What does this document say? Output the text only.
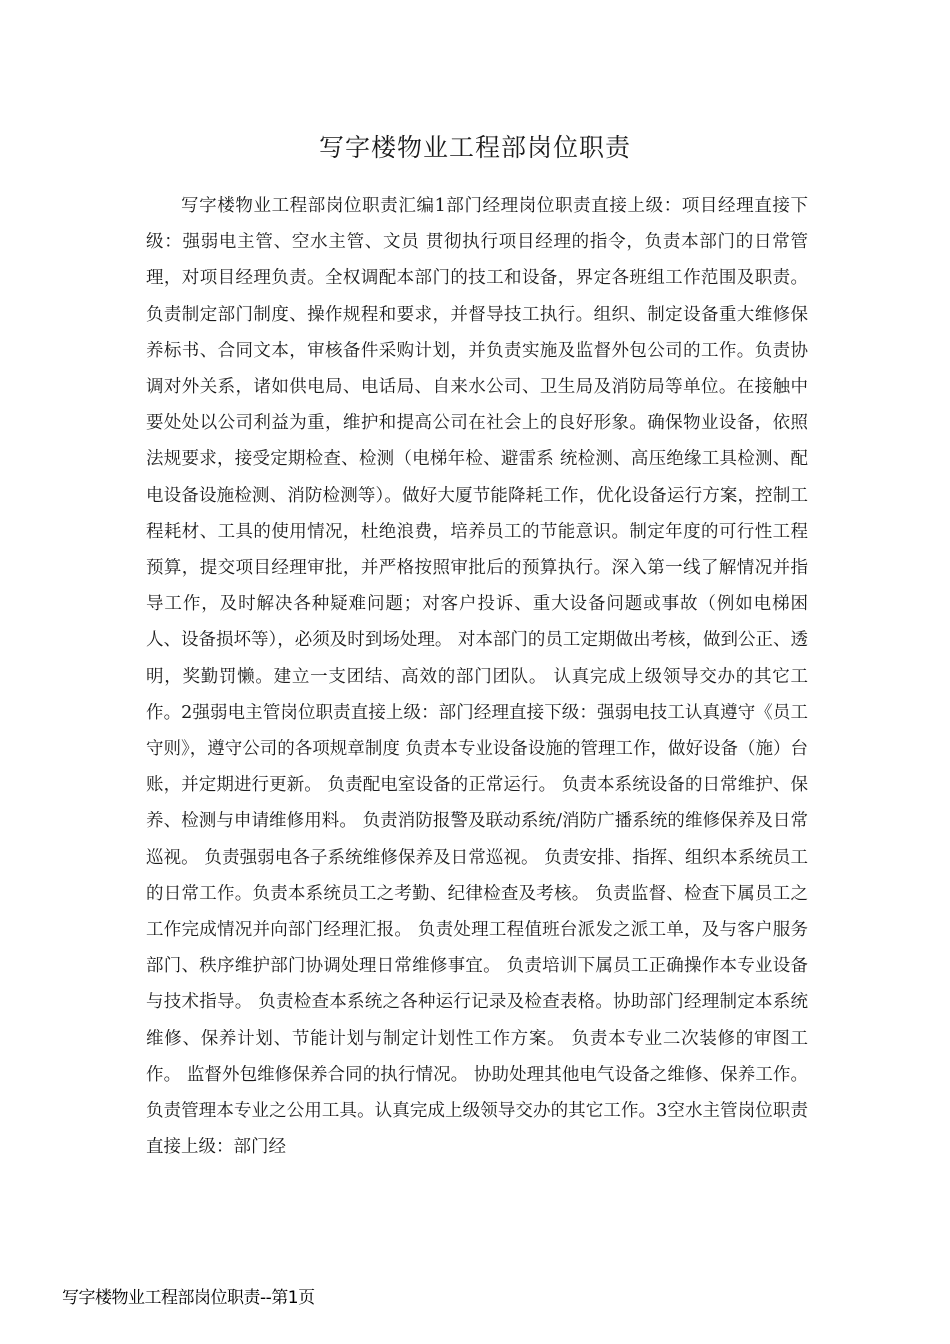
写字楼物业工程部岗位职责

写字楼物业工程部岗位职责汇编1部门经理岗位职责直接上级：项目经理直接下级：强弱电主管、空水主管、文员 贯彻执行项目经理的指令，负责本部门的日常管理，对项目经理负责。全权调配本部门的技工和设备，界定各班组工作范围及职责。负责制定部门制度、操作规程和要求，并督导技工执行。组织、制定设备重大维修保养标书、合同文本，审核备件采购计划，并负责实施及监督外包公司的工作。负责协调对外关系，诸如供电局、电话局、自来水公司、卫生局及消防局等单位。在接触中要处处以公司利益为重，维护和提高公司在社会上的良好形象。确保物业设备，依照法规要求，接受定期检查、检测（电梯年检、避雷系 统检测、高压绝缘工具检测、配电设备设施检测、消防检测等）。做好大厦节能降耗工作，优化设备运行方案，控制工程耗材、工具的使用情况，杜绝浪费，培养员工的节能意识。制定年度的可行性工程预算，提交项目经理审批，并严格按照审批后的预算执行。深入第一线了解情况并指导工作，及时解决各种疑难问题；对客户投诉、重大设备问题或事故（例如电梯困人、设备损坏等），必须及时到场处理。 对本部门的员工定期做出考核，做到公正、透明，奖勤罚懒。建立一支团结、高效的部门团队。 认真完成上级领导交办的其它工作。2强弱电主管岗位职责直接上级：部门经理直接下级：强弱电技工认真遵守《员工守则》，遵守公司的各项规章制度 负责本专业设备设施的管理工作，做好设备（施）台账，并定期进行更新。 负责配电室设备的正常运行。 负责本系统设备的日常维护、保养、检测与申请维修用料。 负责消防报警及联动系统/消防广播系统的维修保养及日常巡视。 负责强弱电各子系统维修保养及日常巡视。 负责安排、指挥、组织本系统员工的日常工作。负责本系统员工之考勤、纪律检查及考核。 负责监督、检查下属员工之工作完成情况并向部门经理汇报。 负责处理工程值班台派发之派工单，及与客户服务部门、秩序维护部门协调处理日常维修事宜。 负责培训下属员工正确操作本专业设备与技术指导。 负责检查本系统之各种运行记录及检查表格。协助部门经理制定本系统维修、保养计划、节能计划与制定计划性工作方案。 负责本专业二次装修的审图工作。 监督外包维修保养合同的执行情况。 协助处理其他电气设备之维修、保养工作。 负责管理本专业之公用工具。认真完成上级领导交办的其它工作。3空水主管岗位职责直接上级：部门经

写字楼物业工程部岗位职责--第1页
